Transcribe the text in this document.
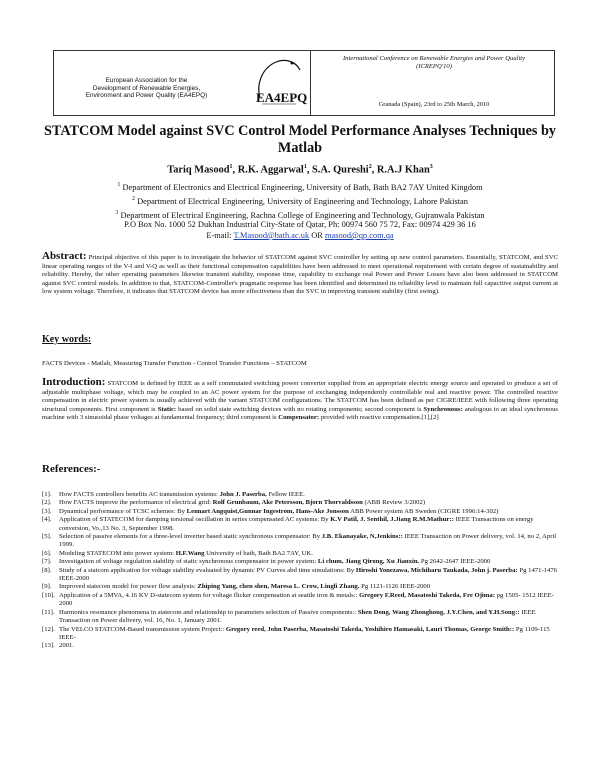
European Association for the
Development of Renewable Energies,
Environment and Power Quality (EA4EPQ)	EA4EPQ
International Conference on Renewable Energies and Power Quality
(ICREPQ'10)
Granada (Spain), 23rd to 25th March, 2010
STATCOM Model against SVC Control Model Performance Analyses Techniques by Matlab
Tariq Masood$^1$, R.K. Aggarwal$^1$, S.A. Qureshi$^2$, R.A.J Khan$^3$
$^1$ Department of Electronics and Electrical Engineering, University of Bath, Bath BA2 7AY United Kingdom
$^2$ Department of Electrical Engineering, University of Engineering and Technology, Lahore Pakistan
$^3$ Department of Electrical Engineering, Rachna College of Engineering and Technology, Gujranwala Pakistan
P.O Box No. 1000 52 Dukhan Industrial City-State of Qatar, Ph: 00974 560 75 72, Fax: 00974 429 36 16
E-mail: T.Masood@bath.ac.uk OR masood@qp.com.qa
Abstract: Principal objective of this paper is to investigate the behavior of STATCOM against SVC controller by setting up new control parameters. Essentially, STATCOM, and SVC linear operating ranges of the V-I and V-Q as well as their functional compensation capabilities have been addressed to meet operational requirement with certain degree of sustainability and reliability. Hereby, the other operating parameters likewise transient stability, response time, capability to exchange real Power and Power Losses have also been addressed in STATCOM against SVC control models. In addition to that, STATCOM-Controller's pragmatic response has been identified and determined its reliability level to maintain full capacitive output current at low system voltage. Therefore, it indicates that STATCOM device has more effectiveness than the SVC in improving transient stability (first swing).
Key words:
FACTS Devices - Matlab, Measuring Transfer Function - Control Transfer Functions – STATCOM
Introduction: STATCOM is defined by IEEE as a self commutated switching power converter supplied from an appropriate electric energy source and operated to produce a set of adjustable multiphase voltage, which may be coupled to an AC power system for the purpose of exchanging independently controllable real and reactive power. The controlled reactive compensation in electric power system is usually achieved with the variant STATCOM configurations. The STATCOM has been defined as per CIGRE/IEEE with following three operating structural components. First component is Static: based on solid state switching devices with no rotating components; second component is Synchronous: analogous to an ideal synchronous machine with 3 sinusoidal phase voltages at fundamental frequency; third component is Compensator: provided with reactive compensation.[1],[2]
References:-
[1]. How FACTS controllers benefits AC transmission systems: John J. Paserba, Fellow IEEE.
[2]. How FACTS improve the performance of electrical grid: Rolf Grunbaum, Ake Petersson, Bjorn Thorvaldsson (ABB Review 3/2002)
[3]. Dynamical performance of TCSC schemes: By Lennart Angquist,Gunnar Ingestrom, Hans-Ake Jonsson ABB Power system AB Sweden (CIGRE 1996:14-302)
[4]. Application of STATECOM for damping torsional oscillation in series compensated AC systems: By K.V Patil, J. Senthil, J.Jiang R.M.Mathur:: IEEE Transactions on energy conversion, Vo.,13 No. 3, September 1998.
[5]. Selection of passive elements for a three-level inverter based static synchronous compensator: By J.B. Ekanayake, N,Jenkins:: IEEE Transaction on Power delivery, vol. 14, no 2, April 1999.
[6]. Modeling STATECOM into power system: H.F.Wang University of bath, Bath BA2 7AY, UK.
[7]. Investigation of voltage regulation stability of static synchronous compensator in power system: Li chum, Jiang Qirong, Xu Jianxin. Pg 2642-2647 IEEE-2000
[8]. Study of a statcom application for voltage stability evaluated by dynamic PV Curves abd time simulations: By Hiroshi Yonezawa, Michiharu Taukada, John j. Paserba: Pg 1471-1476 IEEE-2000
[9]. Improved statecom model for power flow analysis: Zhiping Yang, chen shen, Maresa L. Crow, Lingli Zhang. Pg 1121-1126 IEEE-2000
[10]. Application of a 5MVA, 4.16 KV D-statecom system for voltage flicker compensation at seattle iron & metals:: Gregory F.Reed, Masatoshi Takeda, Fre Ojima: pg 1505- 1512 IEEE-2000
[11]. Harmonics resonance phenomena in statecom and relationship to parameters selection of Passive components:: Shen Dong, Wang Zhonghong, J.Y.Chen, and Y.H.Song:: IEEE Transaction on Power delivery, vol. 16, No. 1, January 2001.
[12]. The VELCO STATCOM-Based transmission system Project:: Gregory reed, John Paserba, Masatoshi Takeda, Yoshihiro Hamasaki, Lauri Thomas, George Smith:: Pg 1109-115 IEEE-
[13]. 2001.
